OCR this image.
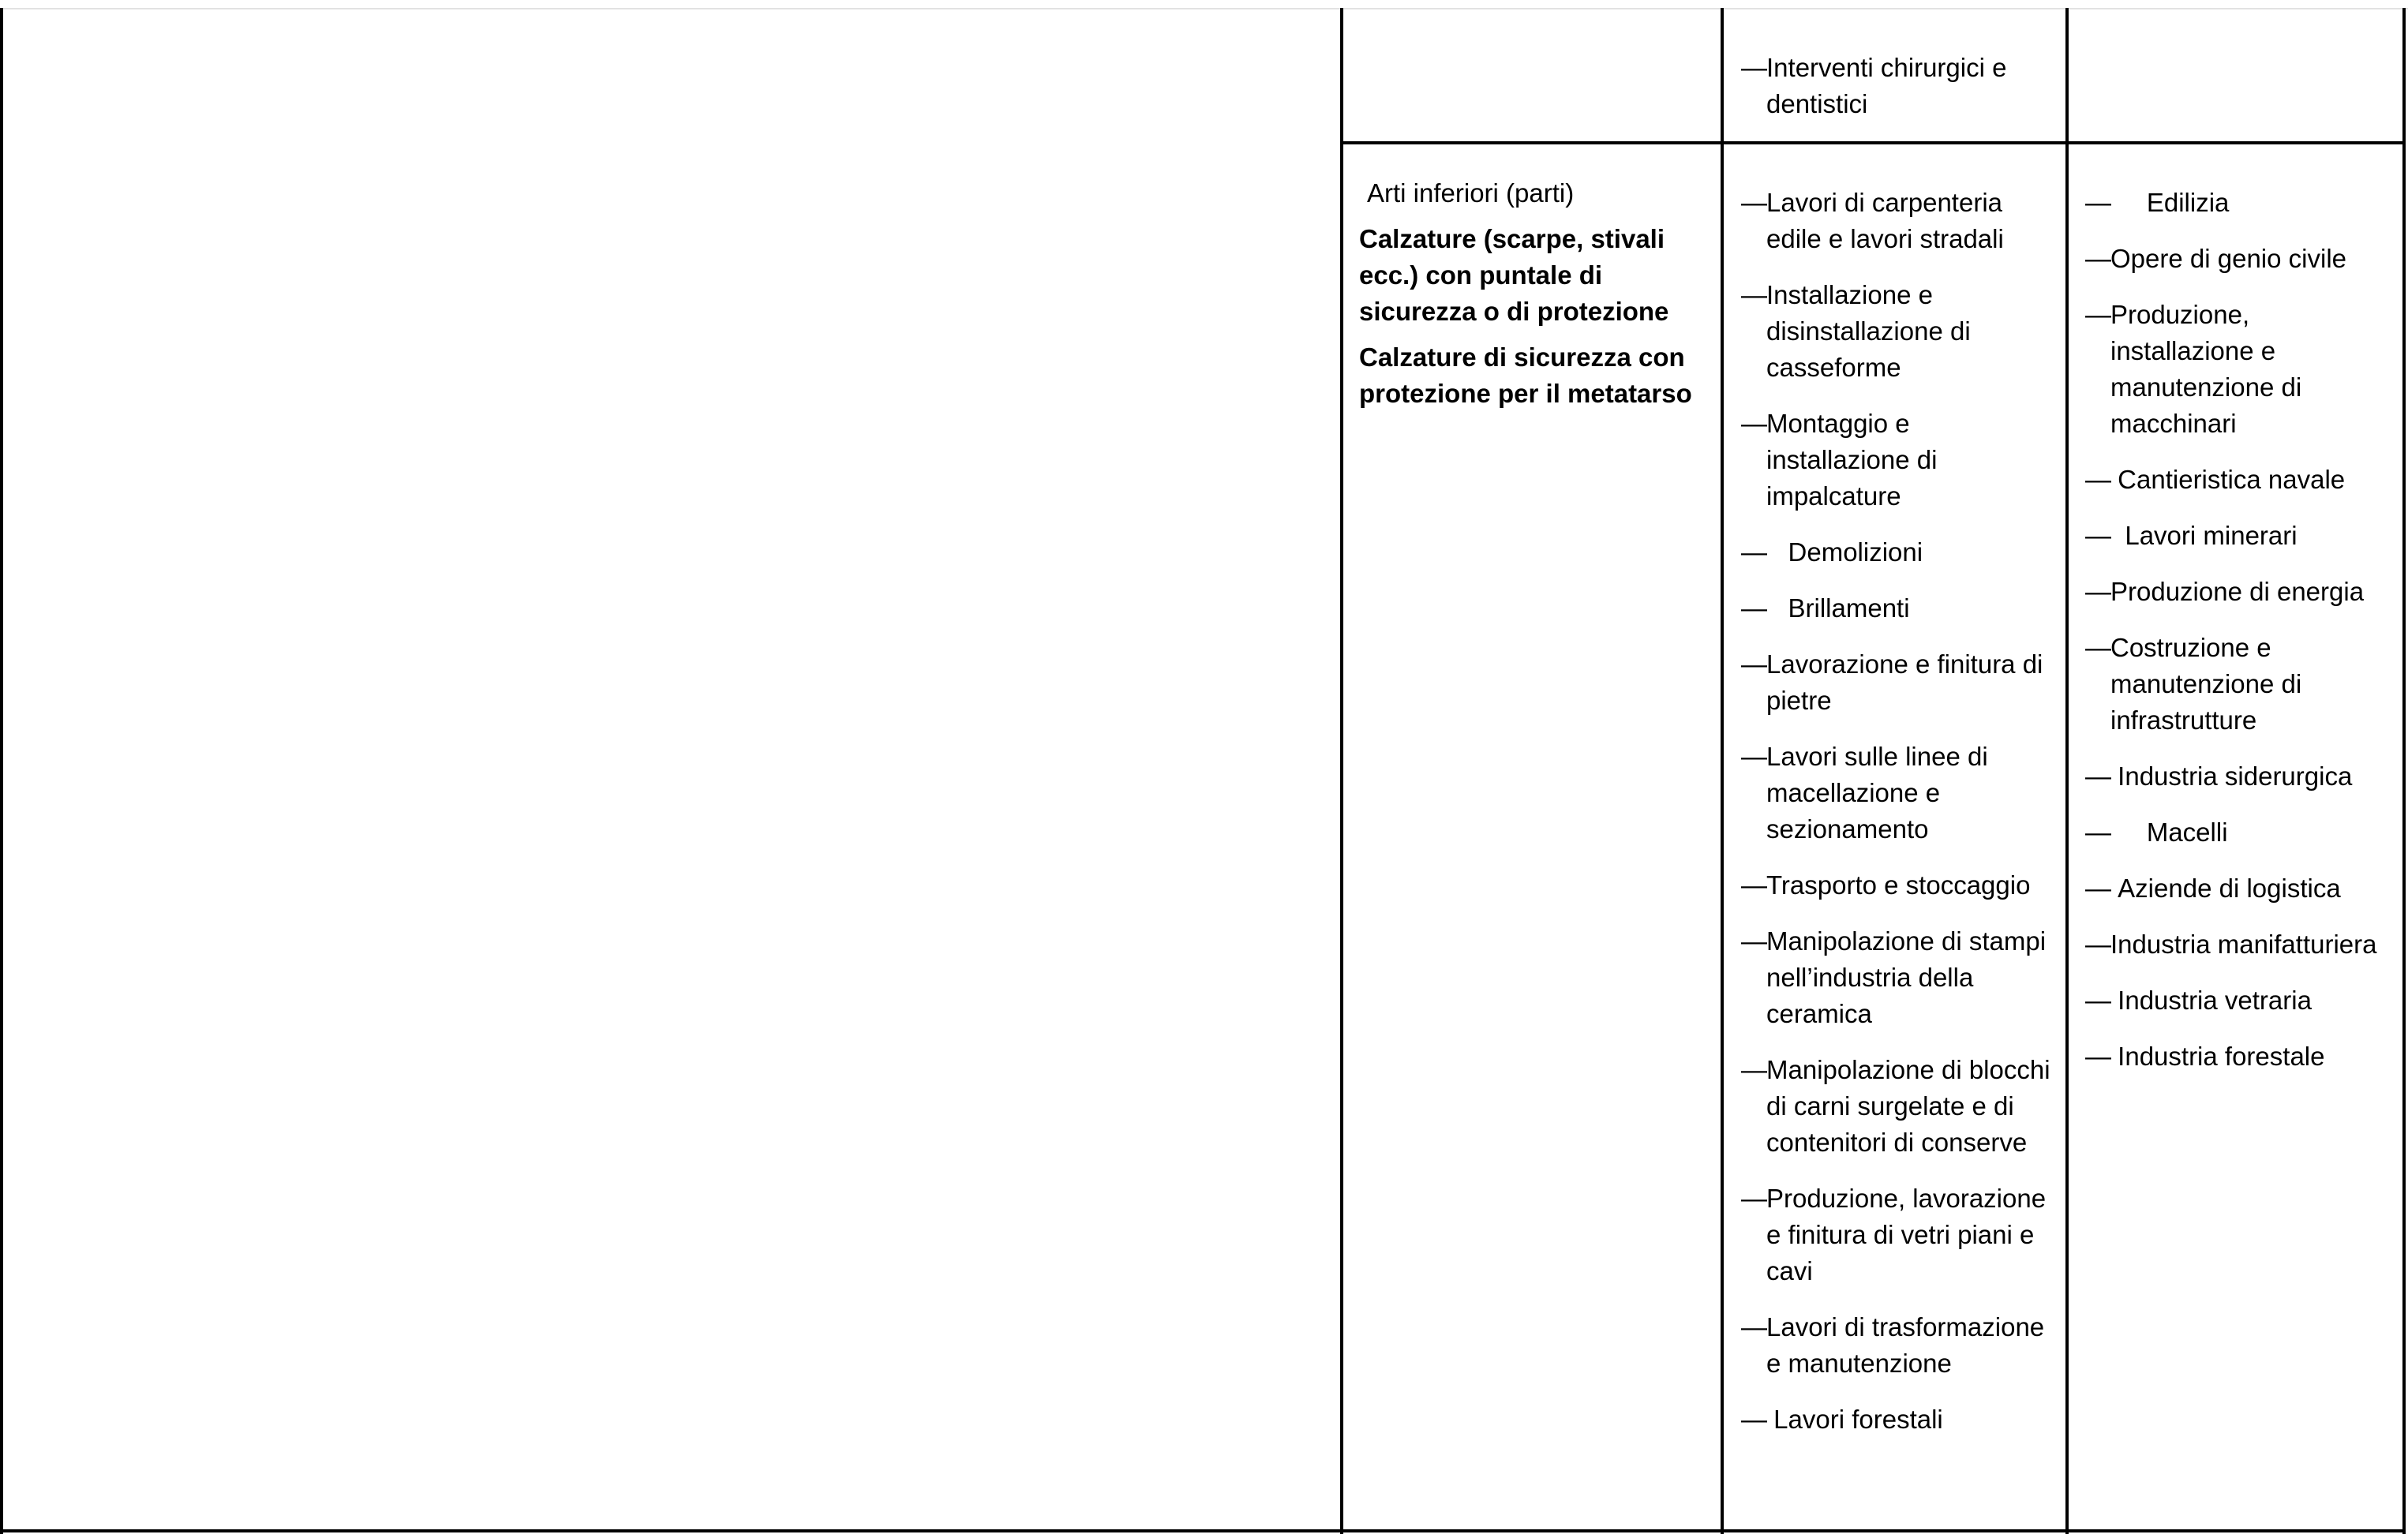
— Interventi chirurgici e dentistici
Arti inferiori (parti)
Calzature (scarpe, stivali ecc.) con puntale di sicurezza o di protezione
Calzature di sicurezza con protezione per il metatarso
— Lavori di carpenteria edile e lavori stradali
— Installazione e disinstallazione di casseforme
— Montaggio e installazione di impalcature
— Demolizioni
— Brillamenti
— Lavorazione e finitura di pietre
— Lavori sulle linee di macellazione e sezionamento
— Trasporto e stoccaggio
— Manipolazione di stampi nell’industria della ceramica
— Manipolazione di blocchi di carni surgelate e di contenitori di conserve
— Produzione, lavorazione e finitura di vetri piani e cavi
— Lavori di trasformazione e manutenzione
— Lavori forestali
— Edilizia
— Opere di genio civile
— Produzione, installazione e manutenzione di macchinari
— Cantieristica navale
— Lavori minerari
— Produzione di energia
— Costruzione e manutenzione di infrastrutture
— Industria siderurgica
— Macelli
— Aziende di logistica
— Industria manifatturiera
— Industria vetraria
— Industria forestale
